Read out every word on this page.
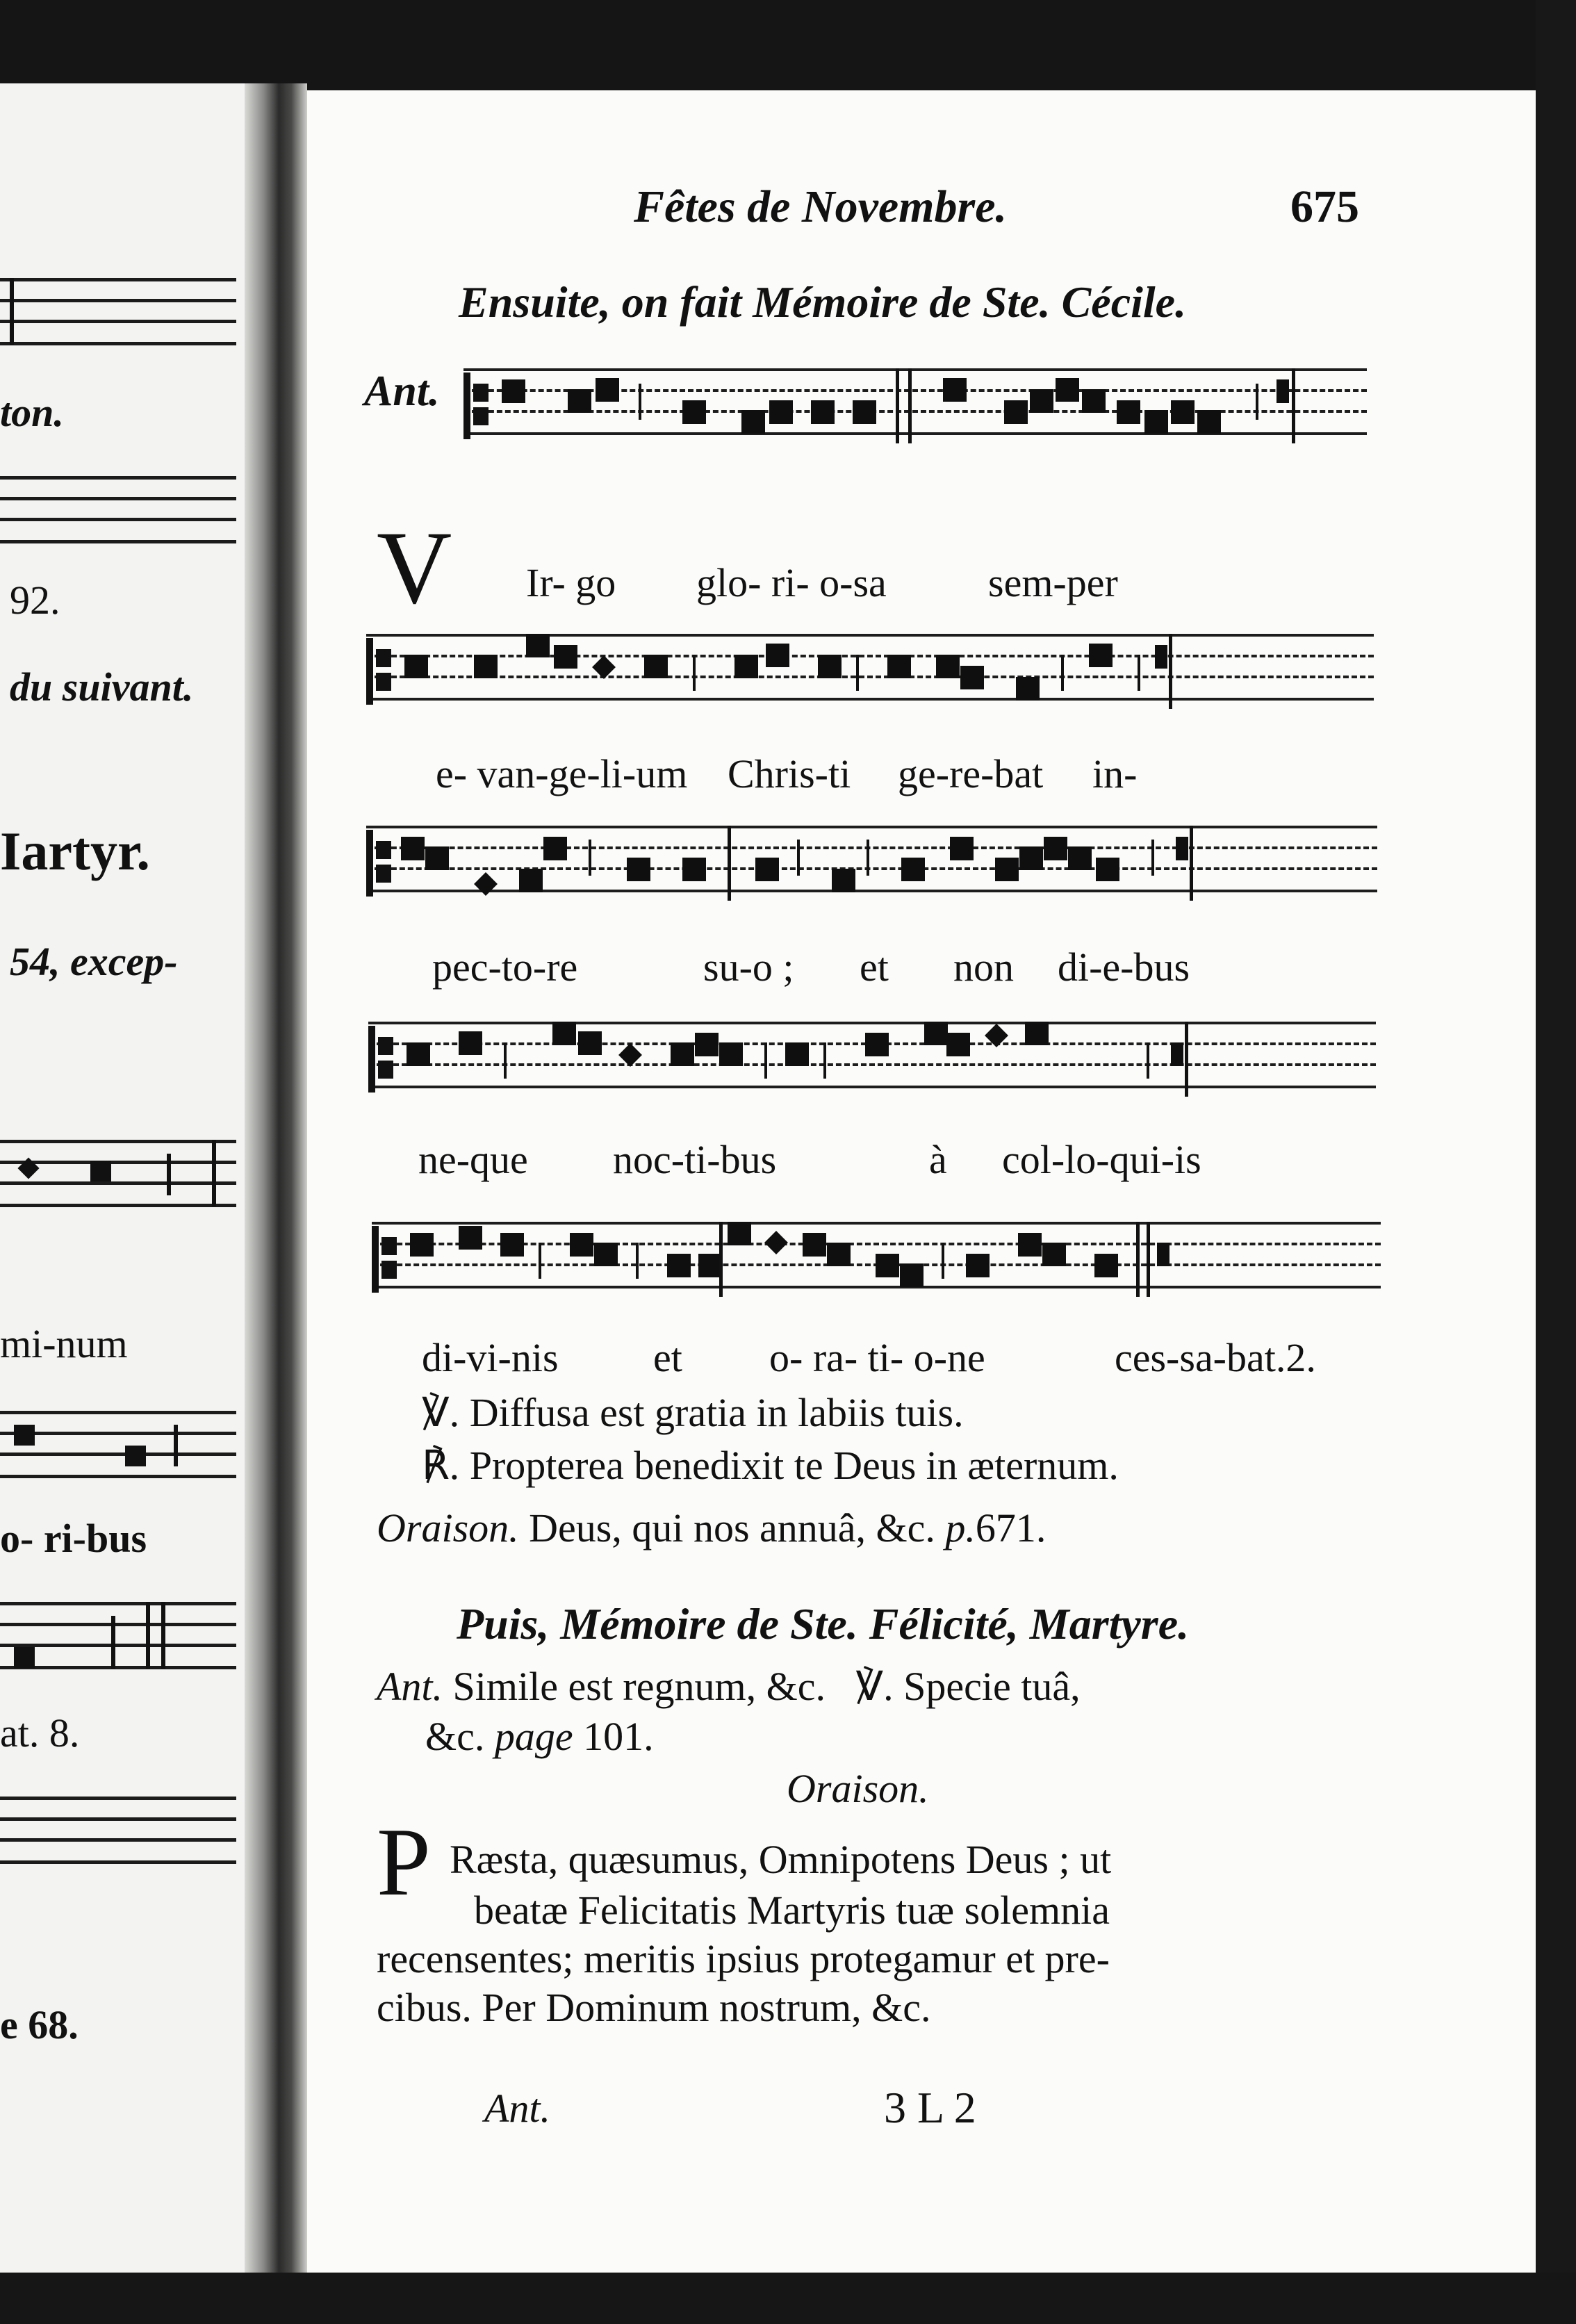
ton.
92.
du suivant.
Iartyr.
54, excep-
mi-num
o- ri-bus
at. 8.
e 68.
Fêtes de Novembre.	675
Ensuite, on fait Mémoire de Ste. Cécile.
Ant.
V Ir- go glo- ri- o-sa	sem-per
e- van-ge-li-um Chris-ti ge-re-bat in-
pec-to-re	su-o ; et non di-e-bus
ne-que noc-ti-bus	à col-lo-qui-is
di-vi-nis et o- ra- ti- o-ne	ces-sa-bat.2.
℣. Diffusa est gratia in labiis tuis.
℟. Propterea benedixit te Deus in æternum.
Oraison. Deus, qui nos annuâ, &c. p.671.
Puis, Mémoire de Ste. Félicité, Martyre.
Ant. Simile est regnum, &c. ℣. Specie tuâ,
&c. page 101.
Oraison.
P Ræsta, quæsumus, Omnipotens Deus ; ut
beatæ Felicitatis Martyris tuæ solemnia
recensentes; meritis ipsius protegamur et pre-
cibus. Per Dominum nostrum, &c.
Ant.	3 L 2
